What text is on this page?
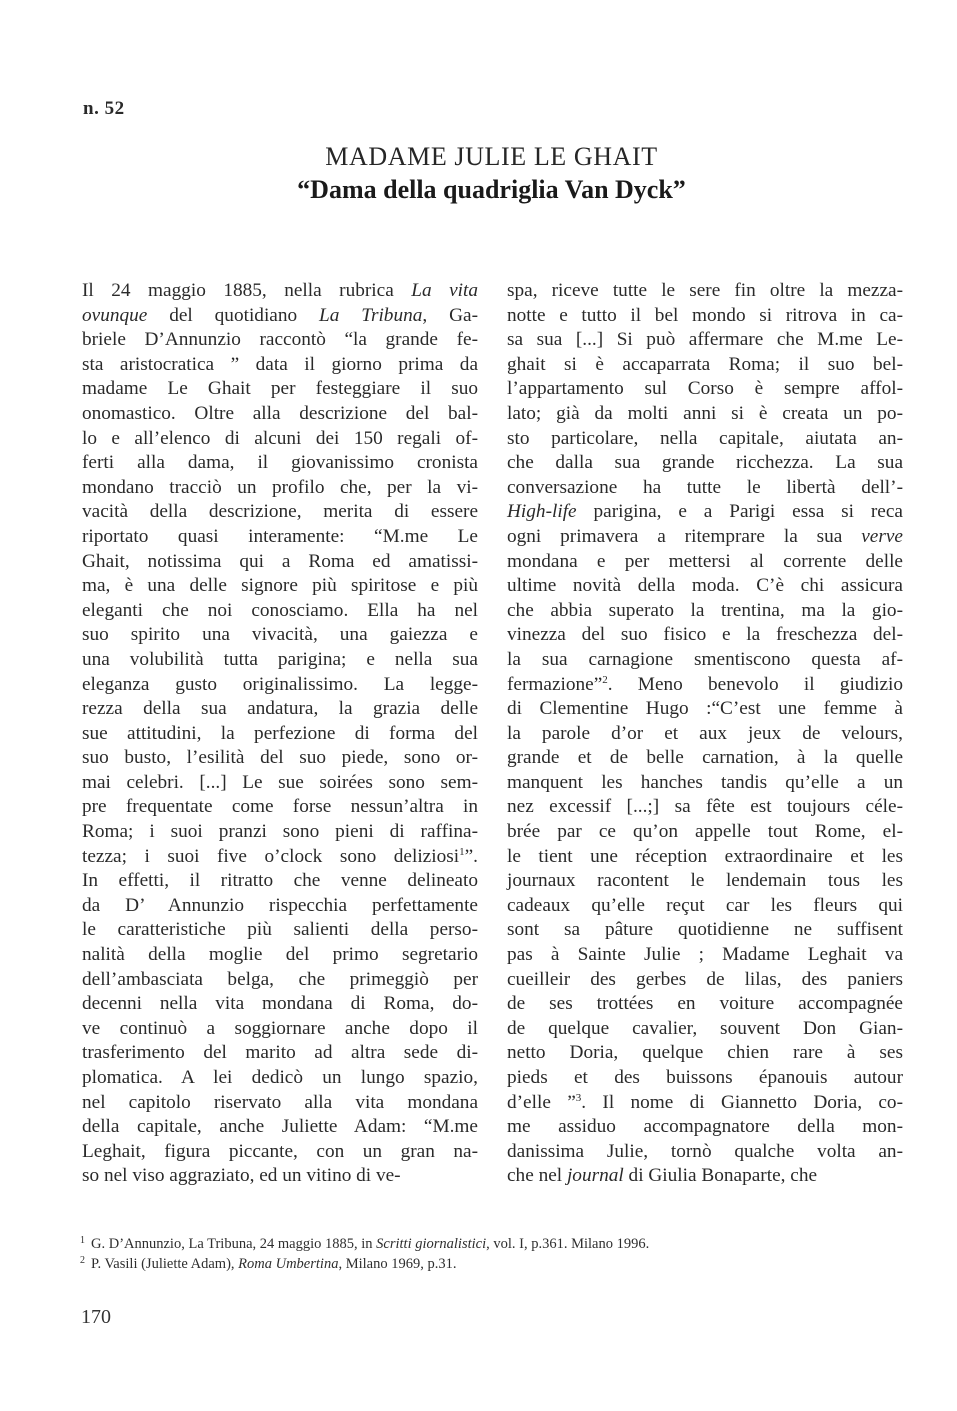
n. 52
MADAME JULIE LE GHAIT
“Dama della quadriglia Van Dyck”
Il 24 maggio 1885, nella rubrica La vita
ovunque del quotidiano La Tribuna, Ga-
briele D’Annunzio raccontò “la grande fe-
sta aristocratica ” data il giorno prima da
madame Le Ghait per festeggiare il suo
onomastico. Oltre alla descrizione del bal-
lo e all’elenco di alcuni dei 150 regali of-
ferti alla dama, il giovanissimo cronista
mondano tracciò un profilo che, per la vi-
vacità della descrizione, merita di essere
riportato quasi interamente: “M.me Le
Ghait, notissima qui a Roma ed amatissi-
ma, è una delle signore più spiritose e più
eleganti che noi conosciamo. Ella ha nel
suo spirito una vivacità, una gaiezza e
una volubilità tutta parigina; e nella sua
eleganza gusto originalissimo. La legge-
rezza della sua andatura, la grazia delle
sue attitudini, la perfezione di forma del
suo busto, l’esilità del suo piede, sono or-
mai celebri. [...] Le sue soirées sono sem-
pre frequentate come forse nessun’altra in
Roma; i suoi pranzi sono pieni di raffina-
tezza; i suoi five o’clock sono deliziosi$^1$”.
In effetti, il ritratto che venne delineato
da D’ Annunzio rispecchia perfettamente
le caratteristiche più salienti della perso-
nalità della moglie del primo segretario
dell’ambasciata belga, che primeggiò per
decenni nella vita mondana di Roma, do-
ve continuò a soggiornare anche dopo il
trasferimento del marito ad altra sede di-
plomatica. A lei dedicò un lungo spazio,
nel capitolo riservato alla vita mondana
della capitale, anche Juliette Adam: “M.me
Leghait, figura piccante, con un gran na-
so nel viso aggraziato, ed un vitino di ve-
spa, riceve tutte le sere fin oltre la mezza-
notte e tutto il bel mondo si ritrova in ca-
sa sua [...] Si può affermare che M.me Le-
ghait si è accaparrata Roma; il suo bel-
l’appartamento sul Corso è sempre affol-
lato; già da molti anni si è creata un po-
sto particolare, nella capitale, aiutata an-
che dalla sua grande ricchezza. La sua
conversazione ha tutte le libertà dell’-
High-life parigina, e a Parigi essa si reca
ogni primavera a ritemprare la sua verve
mondana e per mettersi al corrente delle
ultime novità della moda. C’è chi assicura
che abbia superato la trentina, ma la gio-
vinezza del suo fisico e la freschezza del-
la sua carnagione smentiscono questa af-
fermazione”$^2$. Meno benevolo il giudizio
di Clementine Hugo :“C’est une femme à
la parole d’or et aux jeux de velours,
grande et de belle carnation, à la quelle
manquent les hanches tandis qu’elle a un
nez excessif [...;] sa fête est toujours céle-
brée par ce qu’on appelle tout Rome, el-
le tient une réception extraordinaire et les
journaux racontent le lendemain tous les
cadeaux qu’elle reçut car les fleurs qui
sont sa pâture quotidienne ne suffisent
pas à Sainte Julie ; Madame Leghait va
cueilleir des gerbes de lilas, des paniers
de ses trottées en voiture accompagnée
de quelque cavalier, souvent Don Gian-
netto Doria, quelque chien rare à ses
pieds et des buissons épanouis autour
d’elle ”$^3$. Il nome di Giannetto Doria, co-
me assiduo accompagnatore della mon-
danissima Julie, tornò qualche volta an-
che nel journal di Giulia Bonaparte, che
$^1$ G. D’Annunzio, La Tribuna, 24 maggio 1885, in Scritti giornalistici, vol. I, p.361. Milano 1996.
$^2$ P. Vasili (Juliette Adam), Roma Umbertina, Milano 1969, p.31.
170
